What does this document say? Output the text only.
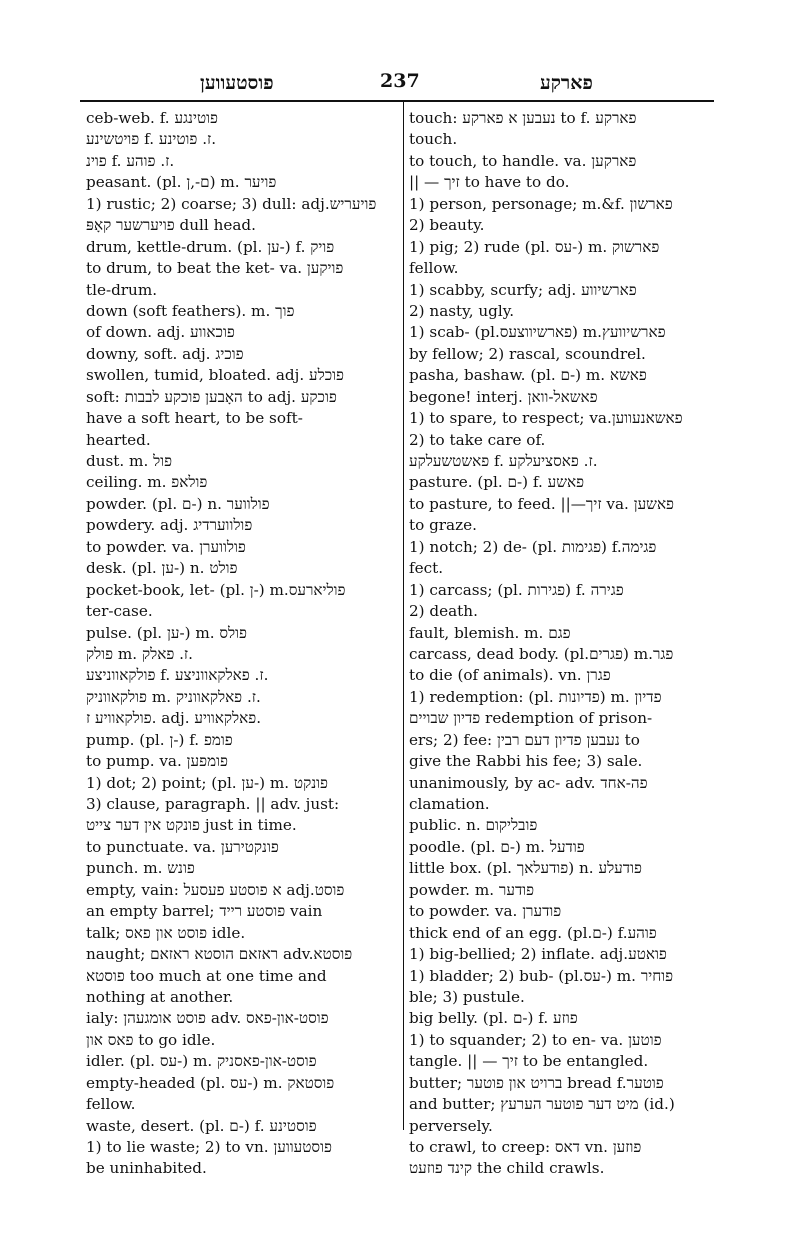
פוסטעווען	237	פארקע
ceb-web. f. פוטינגע
פויטשינע f. ז. פוטינע.
פוינ f. ז. פוהע.
peasant. (pl. ם-,ן) m. פויער
1) rustic; 2) coarse; 3) dull: adj.פויעריש
פויערשער קאָפּ dull head.
drum, kettle-drum. (pl. ען-) f. פויק
to drum, to beat the ket- va. פויקען
tle-drum.
down (soft feathers). m. פוך
of down. adj. פוכאווע
downy, soft. adj. פוכיג
swollen, tumid, bloated. adj. פוכלע
soft: האָבען פוכקע לבבות to adj. פוכקע
have a soft heart, to be soft-
hearted.
dust. m. פול
ceiling. m. פולאפ
powder. (pl. ם-) n. פולווער
powdery. adj. פולווערדיג
to powder. va. פולווערן
desk. (pl. ען-) n. פולט
pocket-book, let- (pl. ן-) m.פוליארעס
ter-case.
pulse. (pl. ען-) m. פולס
פולק m. ז. פאלק.
פולקאווניצע f. ז. פאלקאווניצע.
פולקאווניק m. ז. פאלקאווניק.
פולקאוויע ז. adj. פאלקאוויע.
pump. (pl. ן-) f. פומפ
to pump. va. פומפען
1) dot; 2) point; (pl. ען-) m. פונקט
3) clause, paragraph. || adv. just:
פונקט אין דער צייט just in time.
to punctuate. va. פונקטירען
punch. m. פונש
empty, vain: א פוסטע פעסעל adj.פוסט
an empty barrel; פוסטע רייד vain
talk; פוסט און פאס idle.
naught; ראזאם הוסטא ראזאם adv.פוסטא
פוסטא too much at one time and
nothing at another.
ialy: פוסט אומגעהן adv. פוסט-און-פאס
פאס און to go idle.
idler. (pl. עס-) m. פוסט-און-פאסניק
empty-headed (pl. עס-) m. פוסטאק
fellow.
waste, desert. (pl. ם-) f. פוסטינע
1) to lie waste; 2) to vn. פוסטעווען
be uninhabited.
touch: נעבען א פארקע to f. פארקע
touch.
to touch, to handle. va. פארקען
|| — זיך to have to do.
1) person, personage; m.&f. פארשון
2) beauty.
1) pig; 2) rude (pl. עס-) m. פארשוק
fellow.
1) scabby, scurfy; adj. פארשיווע
2) nasty, ugly.
1) scab- (pl.פארשיווצעס) m.פארשיוועץ
by fellow; 2) rascal, scoundrel.
pasha, bashaw. (pl. ם-) m. פאשא
begone! interj. פאשאל-וואן
1) to spare, to respect; va.פאשאנעווען
2) to take care of.
פאשטשעלקע f. ז. פאסציעלקע.
pasture. (pl. ם-) f. פאשע
to pasture, to feed. ||—זיך va. פאשען
to graze.
1) notch; 2) de- (pl. פגימות) f.פגימה
fect.
1) carcass; (pl. פגירות) f. פגירה
2) death.
fault, blemish. m. פגם
carcass, dead body. (pl.פגרים) m.פגר
to die (of animals). vn. פגרן
1) redemption: (pl. פדיונות) m. פדיון
פדיון שבויים redemption of prison-
ers; 2) fee: נעבען פדיון דעם רבין to
give the Rabbi his fee; 3) sale.
unanimously, by ac- adv. פה-אחד
clamation.
public. n. פובליקום
poodle. (pl. ם-) m. פודעל
little box. (pl. פודעלאך) n. פודעלע
powder. m. פודער
to powder. va. פודערן
thick end of an egg. (pl.ם-) f.פוהע
1) big-bellied; 2) inflate. adj.פואטע
1) bladder; 2) bub- (pl.עס-) m. פוחיר
ble; 3) pustule.
big belly. (pl. ם-) f. פוזע
1) to squander; 2) to en- va. פוטען
tangle. || — זיך to be entangled.
butter; ברויט און פוטער bread f.פוטער
and butter; מיט דער פוטער הערעץ (id.)
perversely.
to crawl, to creep: דאס vn. פוזען
קינד פוזעט the child crawls.
